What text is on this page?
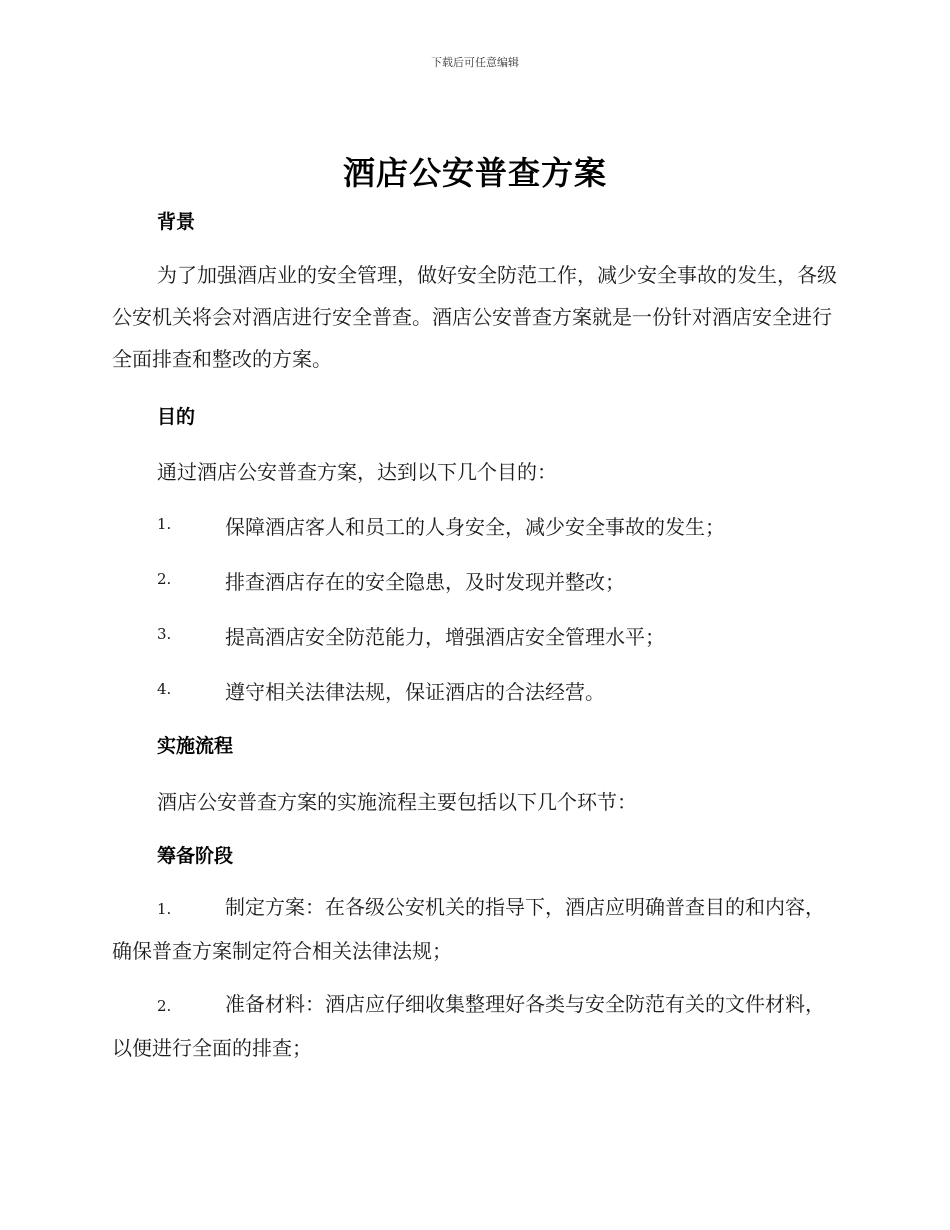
下载后可任意编辑
酒店公安普查方案
背景
为了加强酒店业的安全管理，做好安全防范工作，减少安全事故的发生，各级公安机关将会对酒店进行安全普查。酒店公安普查方案就是一份针对酒店安全进行全面排查和整改的方案。
目的
通过酒店公安普查方案，达到以下几个目的：
1.	保障酒店客人和员工的人身安全，减少安全事故的发生；
2.	排查酒店存在的安全隐患，及时发现并整改；
3.	提高酒店安全防范能力，增强酒店安全管理水平；
4.	遵守相关法律法规，保证酒店的合法经营。
实施流程
酒店公安普查方案的实施流程主要包括以下几个环节：
筹备阶段
1.	制定方案：在各级公安机关的指导下，酒店应明确普查目的和内容，确保普查方案制定符合相关法律法规；
2.	准备材料：酒店应仔细收集整理好各类与安全防范有关的文件材料，以便进行全面的排查；
